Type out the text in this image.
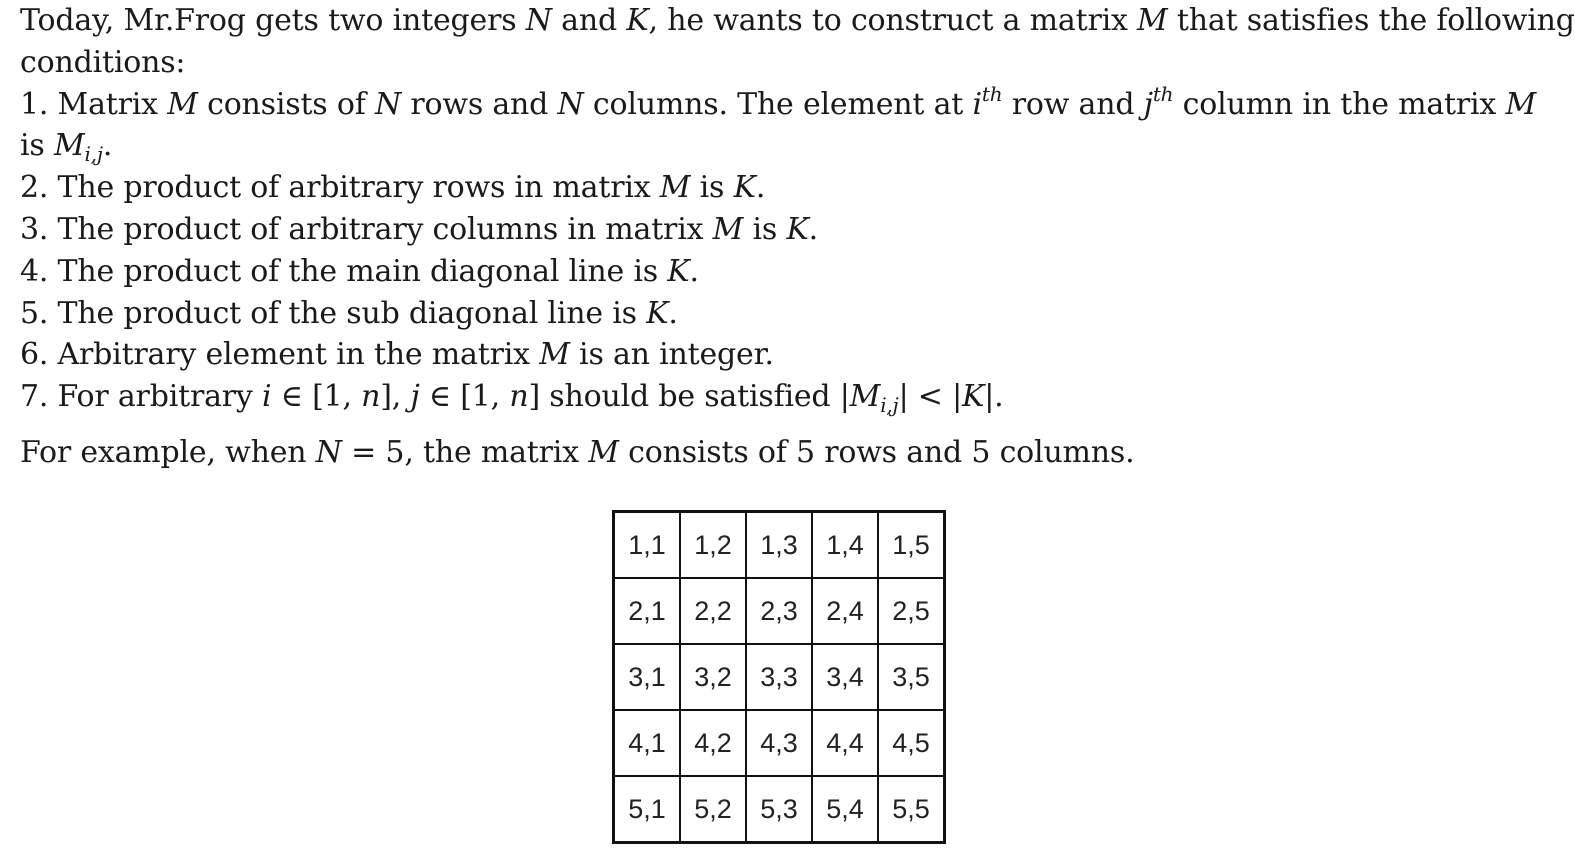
Today, Mr.Frog gets two integers N and K, he wants to construct a matrix M that satisfies the following
conditions:
1. Matrix M consists of N rows and N columns. The element at $i^{th}$ row and $j^{th}$ column in the matrix M
is $M_{i,j}$.
2. The product of arbitrary rows in matrix M is K.
3. The product of arbitrary columns in matrix M is K.
4. The product of the main diagonal line is K.
5. The product of the sub diagonal line is K.
6. Arbitrary element in the matrix M is an integer.
7. For arbitrary i ∈ [1, n], j ∈ [1, n] should be satisfied $|M_{i,j}| < |K|$.
For example, when N = 5, the matrix M consists of 5 rows and 5 columns.
1,1	1,2	1,3	1,4	1,5
2,1	2,2	2,3	2,4	2,5
3,1	3,2	3,3	3,4	3,5
4,1	4,2	4,3	4,4	4,5
5,1	5,2	5,3	5,4	5,5
